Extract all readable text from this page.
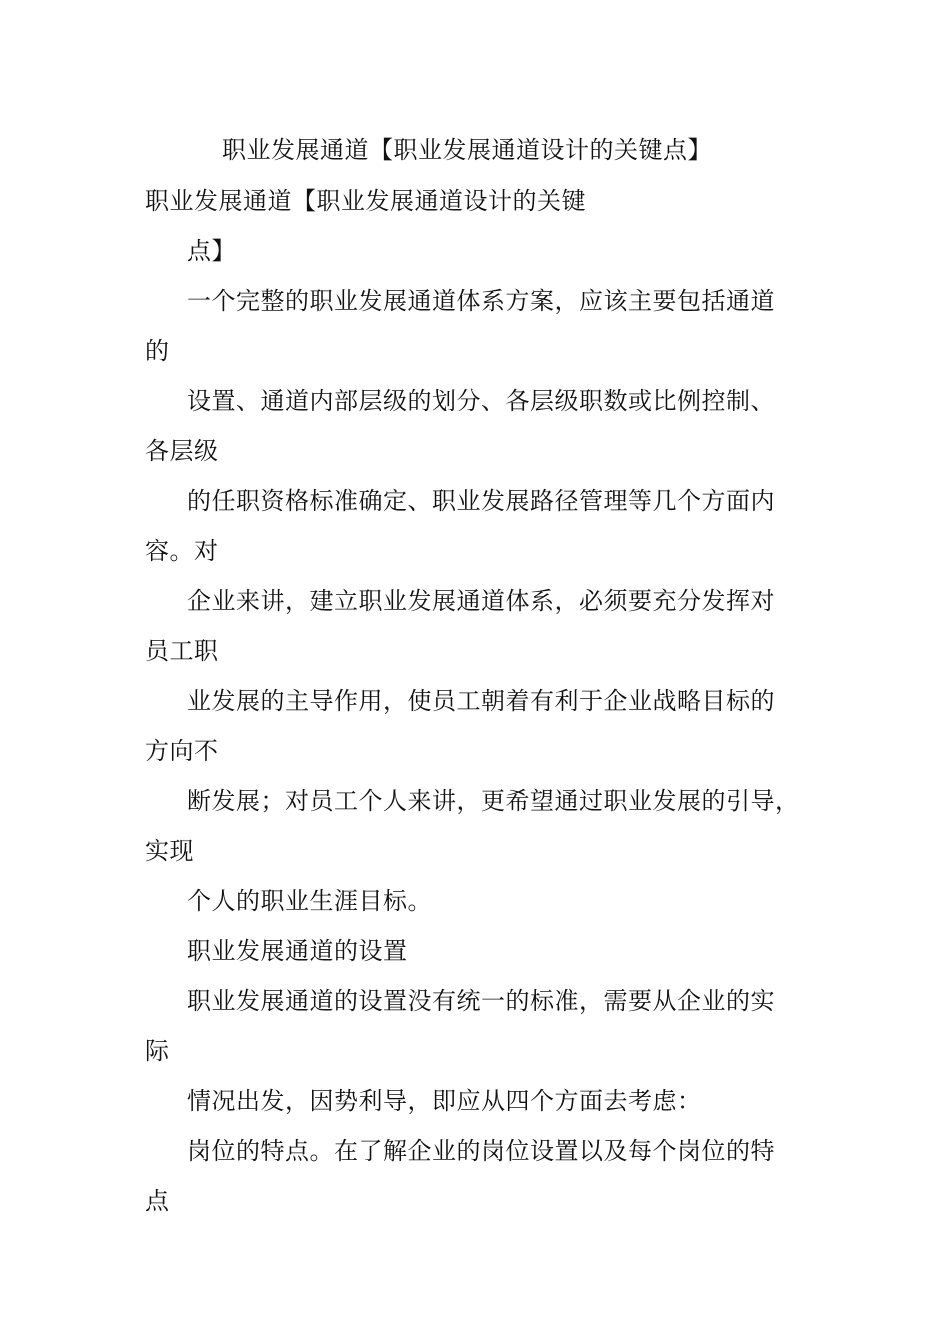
职业发展通道【职业发展通道设计的关键点】
职业发展通道【职业发展通道设计的关键
点】
一个完整的职业发展通道体系方案，应该主要包括通道
的
设置、通道内部层级的划分、各层级职数或比例控制、
各层级
的任职资格标准确定、职业发展路径管理等几个方面内
容。对
企业来讲，建立职业发展通道体系，必须要充分发挥对
员工职
业发展的主导作用，使员工朝着有利于企业战略目标的
方向不
断发展；对员工个人来讲，更希望通过职业发展的引导，
实现
个人的职业生涯目标。
职业发展通道的设置
职业发展通道的设置没有统一的标准，需要从企业的实
际
情况出发，因势利导，即应从四个方面去考虑：
岗位的特点。在了解企业的岗位设置以及每个岗位的特
点
